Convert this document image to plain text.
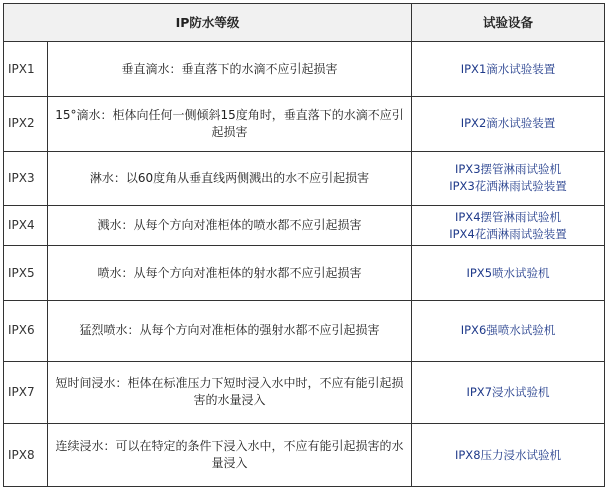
IP防水等级		试验设备
IPX1	垂直滴水：垂直落下的水滴不应引起损害	IPX1滴水试验装置

IPX2	15°滴水：柜体向任何一侧倾斜15度角时，垂直落下的水滴不应引起损害	IPX2滴水试验装置

IPX3	淋水：以60度角从垂直线两侧溅出的水不应引起损害	IPX3摆管淋雨试验机
IPX3花洒淋雨试验装置

IPX4	溅水：从每个方向对准柜体的喷水都不应引起损害	IPX4摆管淋雨试验机
IPX4花洒淋雨试验装置

IPX5	喷水：从每个方向对准柜体的射水都不应引起损害	IPX5喷水试验机

IPX6	猛烈喷水：从每个方向对准柜体的强射水都不应引起损害	IPX6强喷水试验机

IPX7	短时间浸水：柜体在标准压力下短时浸入水中时，不应有能引起损害的水量浸入	IPX7浸水试验机

IPX8	连续浸水：可以在特定的条件下浸入水中，不应有能引起损害的水量浸入	IPX8压力浸水试验机
